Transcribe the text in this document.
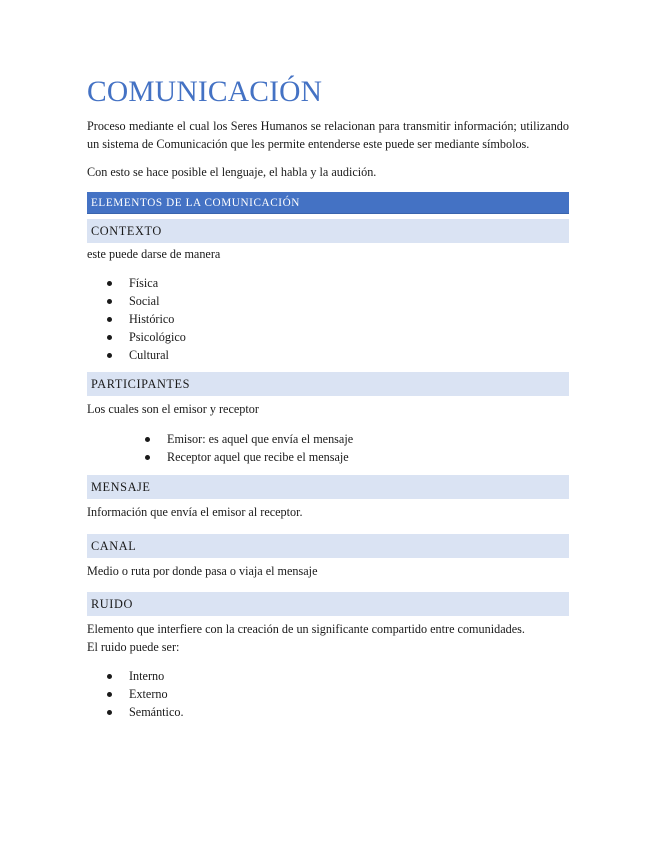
COMUNICACIÓN

Proceso mediante el cual los Seres Humanos se relacionan para transmitir información; utilizando un sistema de Comunicación que les permite entenderse este puede ser mediante símbolos.

Con esto se hace posible el lenguaje, el habla y la audición.

ELEMENTOS DE LA COMUNICACIÓN
CONTEXTO

este puede darse de manera

Física
Social
Histórico
Psicológico
Cultural
PARTICIPANTES

Los cuales son el emisor y receptor

Emisor: es aquel que envía el mensaje
Receptor aquel que recibe el mensaje
MENSAJE

Información que envía el emisor al receptor.

CANAL

Medio o ruta por donde pasa o viaja el mensaje

RUIDO

Elemento que interfiere con la creación de un significante compartido entre comunidades.

El ruido puede ser:

Interno
Externo
Semántico.
